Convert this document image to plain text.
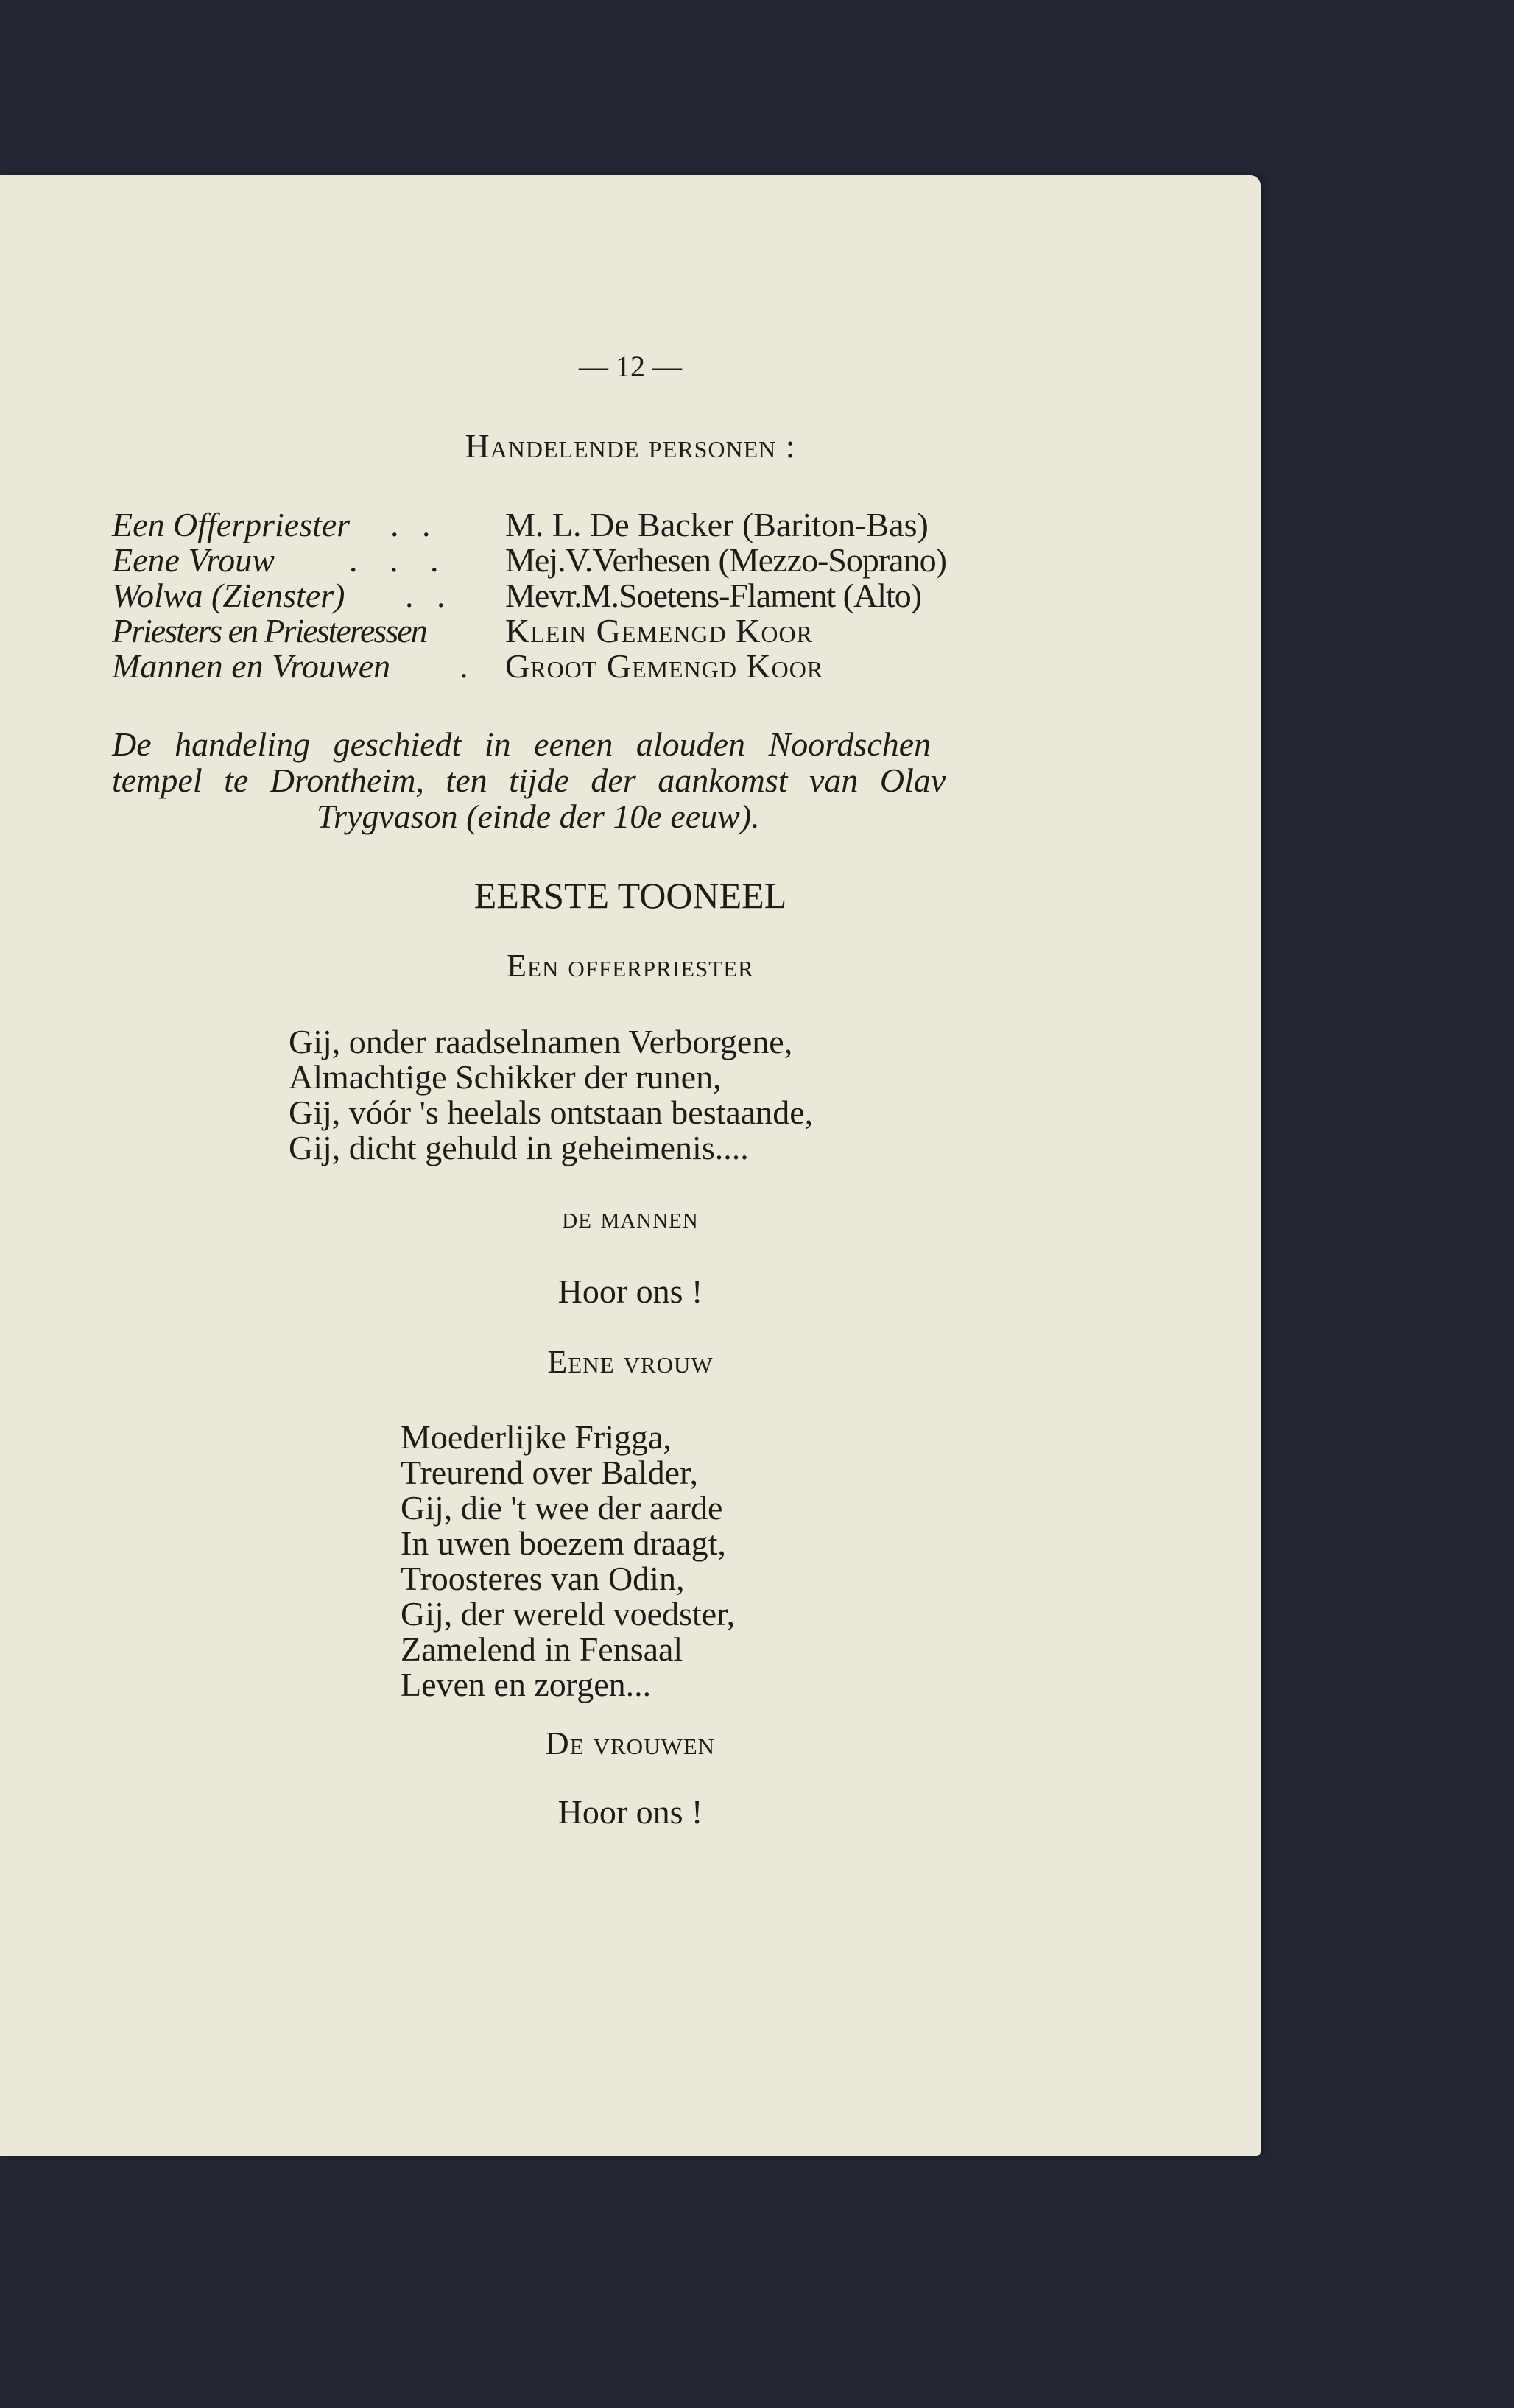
— 12 —

Handelende personen :

Een Offerpriester . . M. L. De Backer (Bariton-Bas)
Eene Vrouw . . . Mej.V.Verhesen (Mezzo-Soprano)
Wolwa (Zienster) . . Mevr.M.Soetens-Flament (Alto)
Priesters en Priesteressen Klein Gemengd Koor
Mannen en Vrouwen . Groot Gemengd Koor
De handeling geschiedt in eenen alouden Noordschen
tempel te Drontheim, ten tijde der aankomst van Olav
Trygvason (einde der 10e eeuw).

EERSTE TOONEEL

Een offerpriester

Gij, onder raadselnamen Verborgene,
Almachtige Schikker der runen,
Gij, vóór 's heelals ontstaan bestaande,
Gij, dicht gehuld in geheimenis....

de mannen

Hoor ons !

Eene vrouw

Moederlijke Frigga,
Treurend over Balder,
Gij, die 't wee der aarde
In uwen boezem draagt,
Troosteres van Odin,
Gij, der wereld voedster,
Zamelend in Fensaal
Leven en zorgen...

De vrouwen

Hoor ons !
